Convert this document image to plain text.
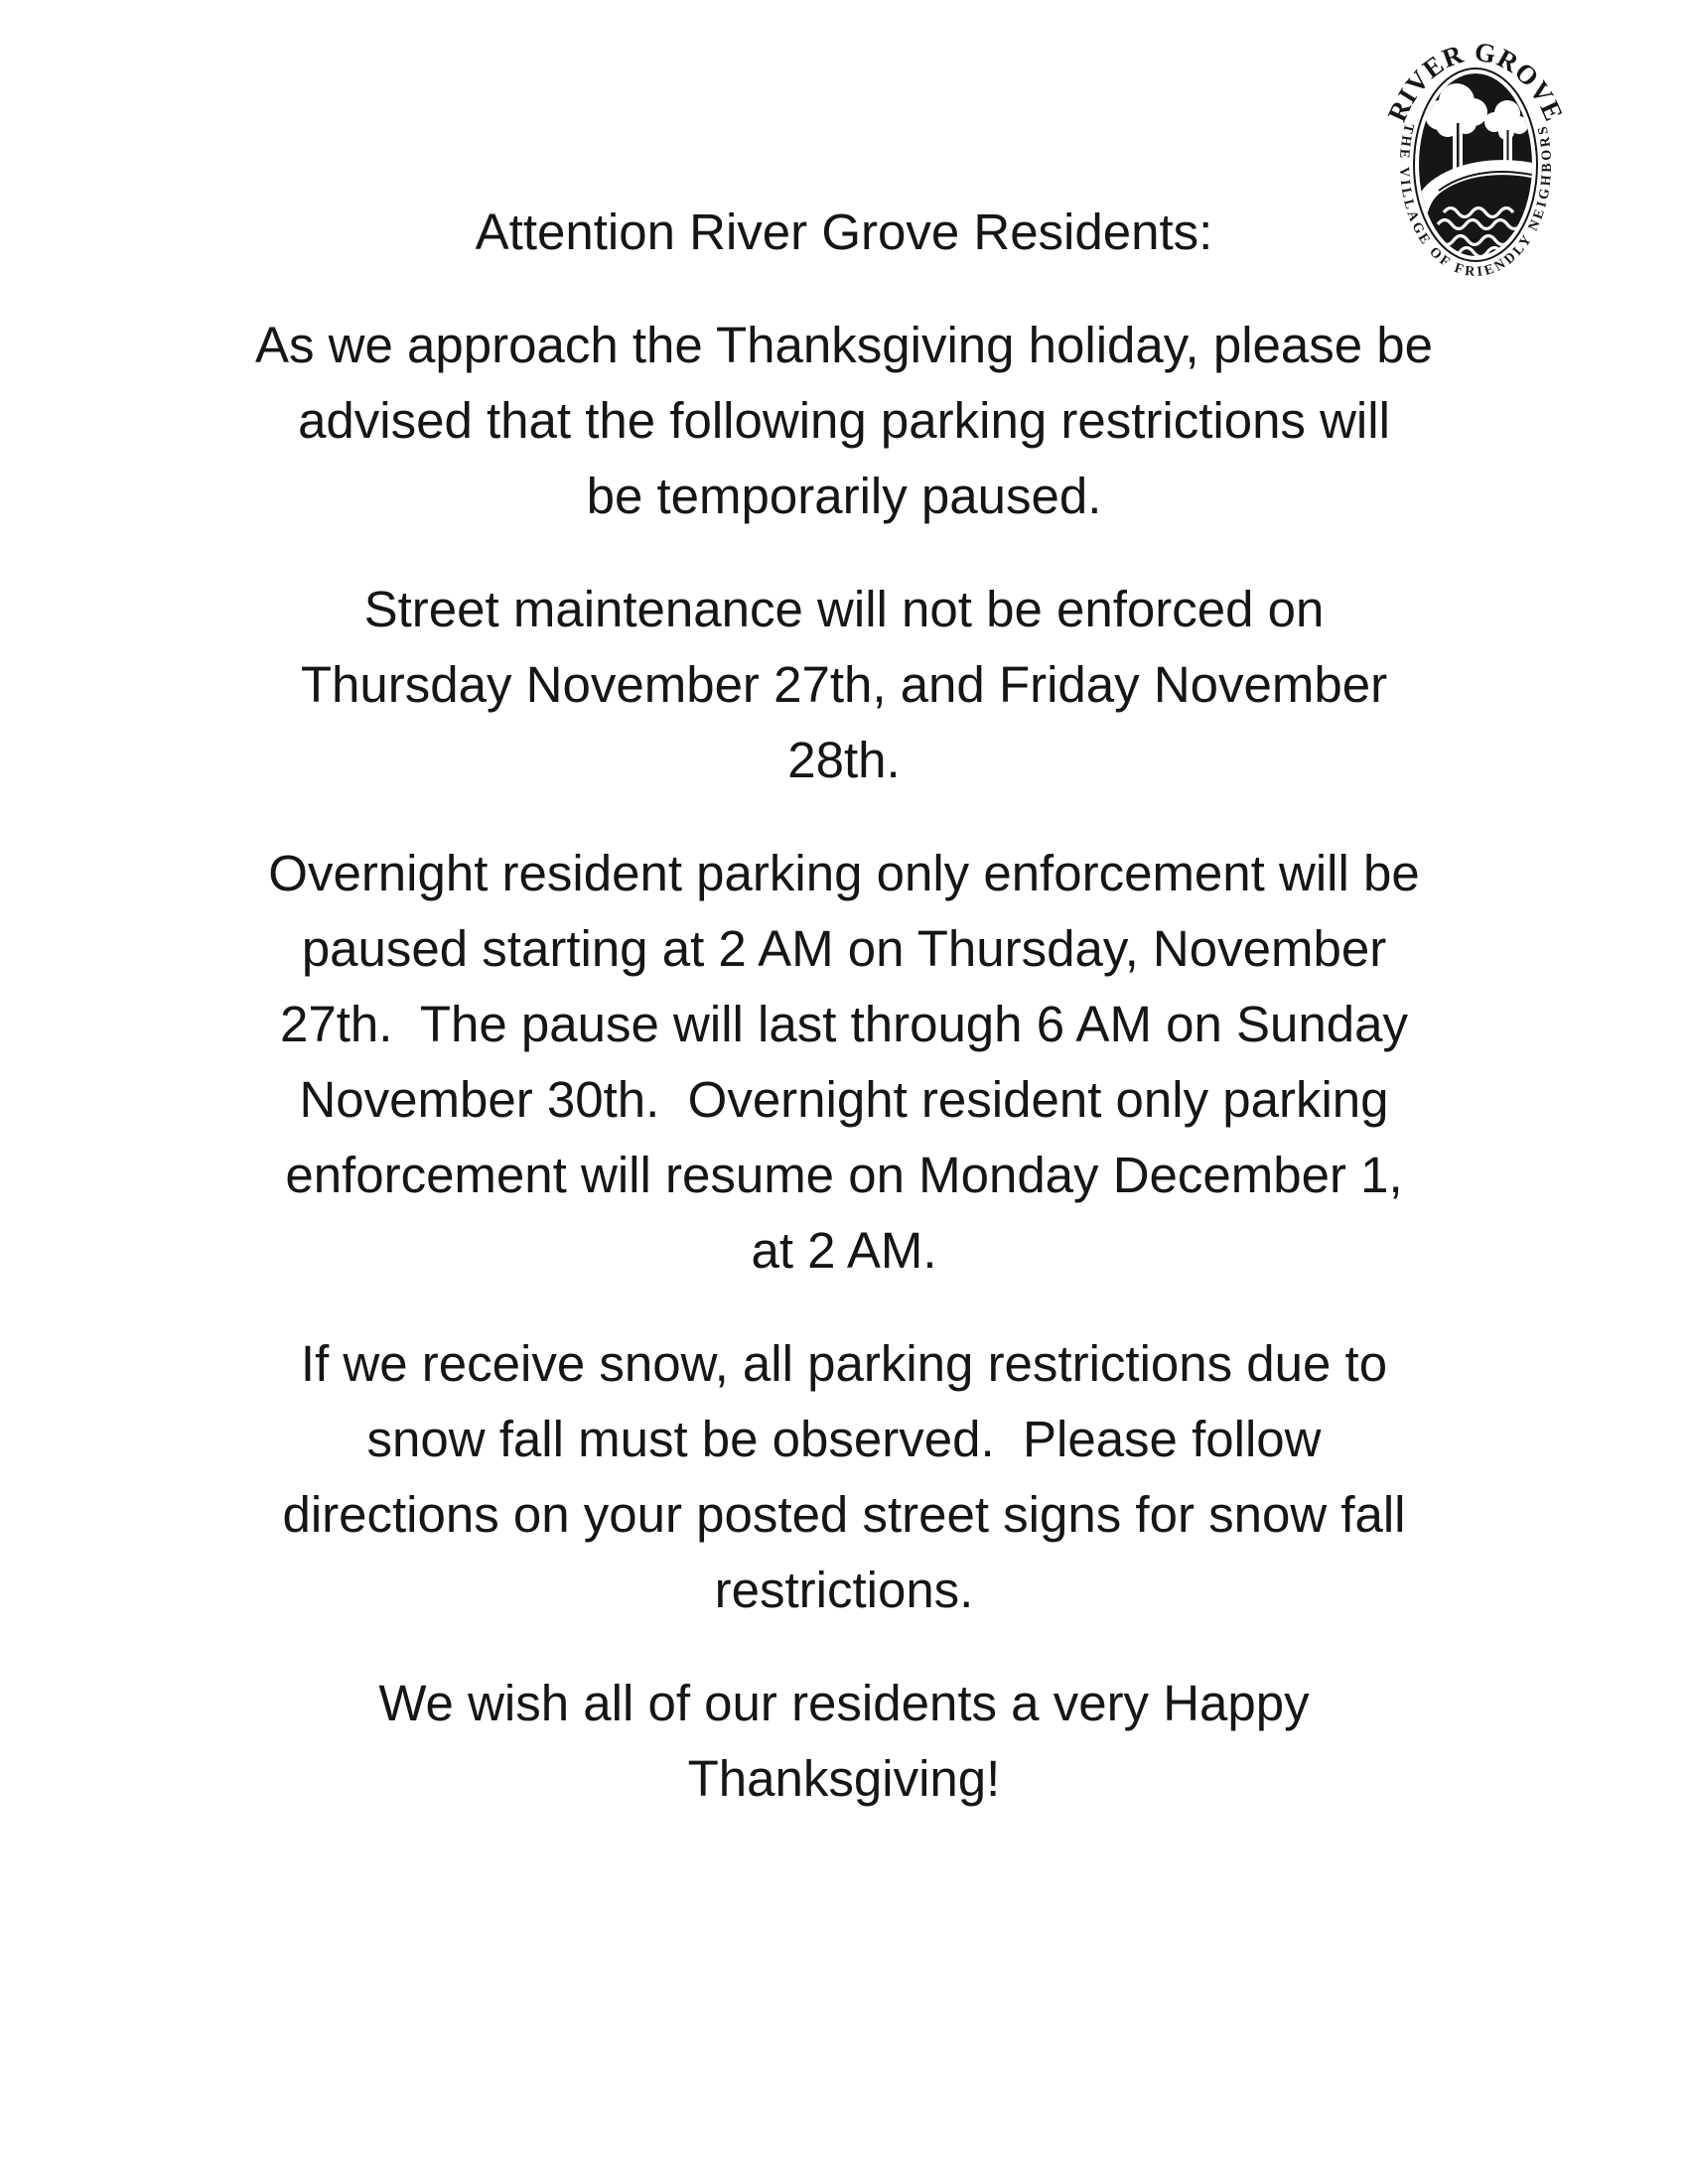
RIVER GROVE
THE VILLAGE OF FRIENDLY NEIGHBORS
Attention River Grove Residents:
As we approach the Thanksgiving holiday, please be
advised that the following parking restrictions will
be temporarily paused.
Street maintenance will not be enforced on
Thursday November 27th, and Friday November
28th.
Overnight resident parking only enforcement will be
paused starting at 2 AM on Thursday, November
27th.  The pause will last through 6 AM on Sunday
November 30th.  Overnight resident only parking
enforcement will resume on Monday December 1,
at 2 AM.
If we receive snow, all parking restrictions due to
snow fall must be observed.  Please follow
directions on your posted street signs for snow fall
restrictions.
We wish all of our residents a very Happy
Thanksgiving!
